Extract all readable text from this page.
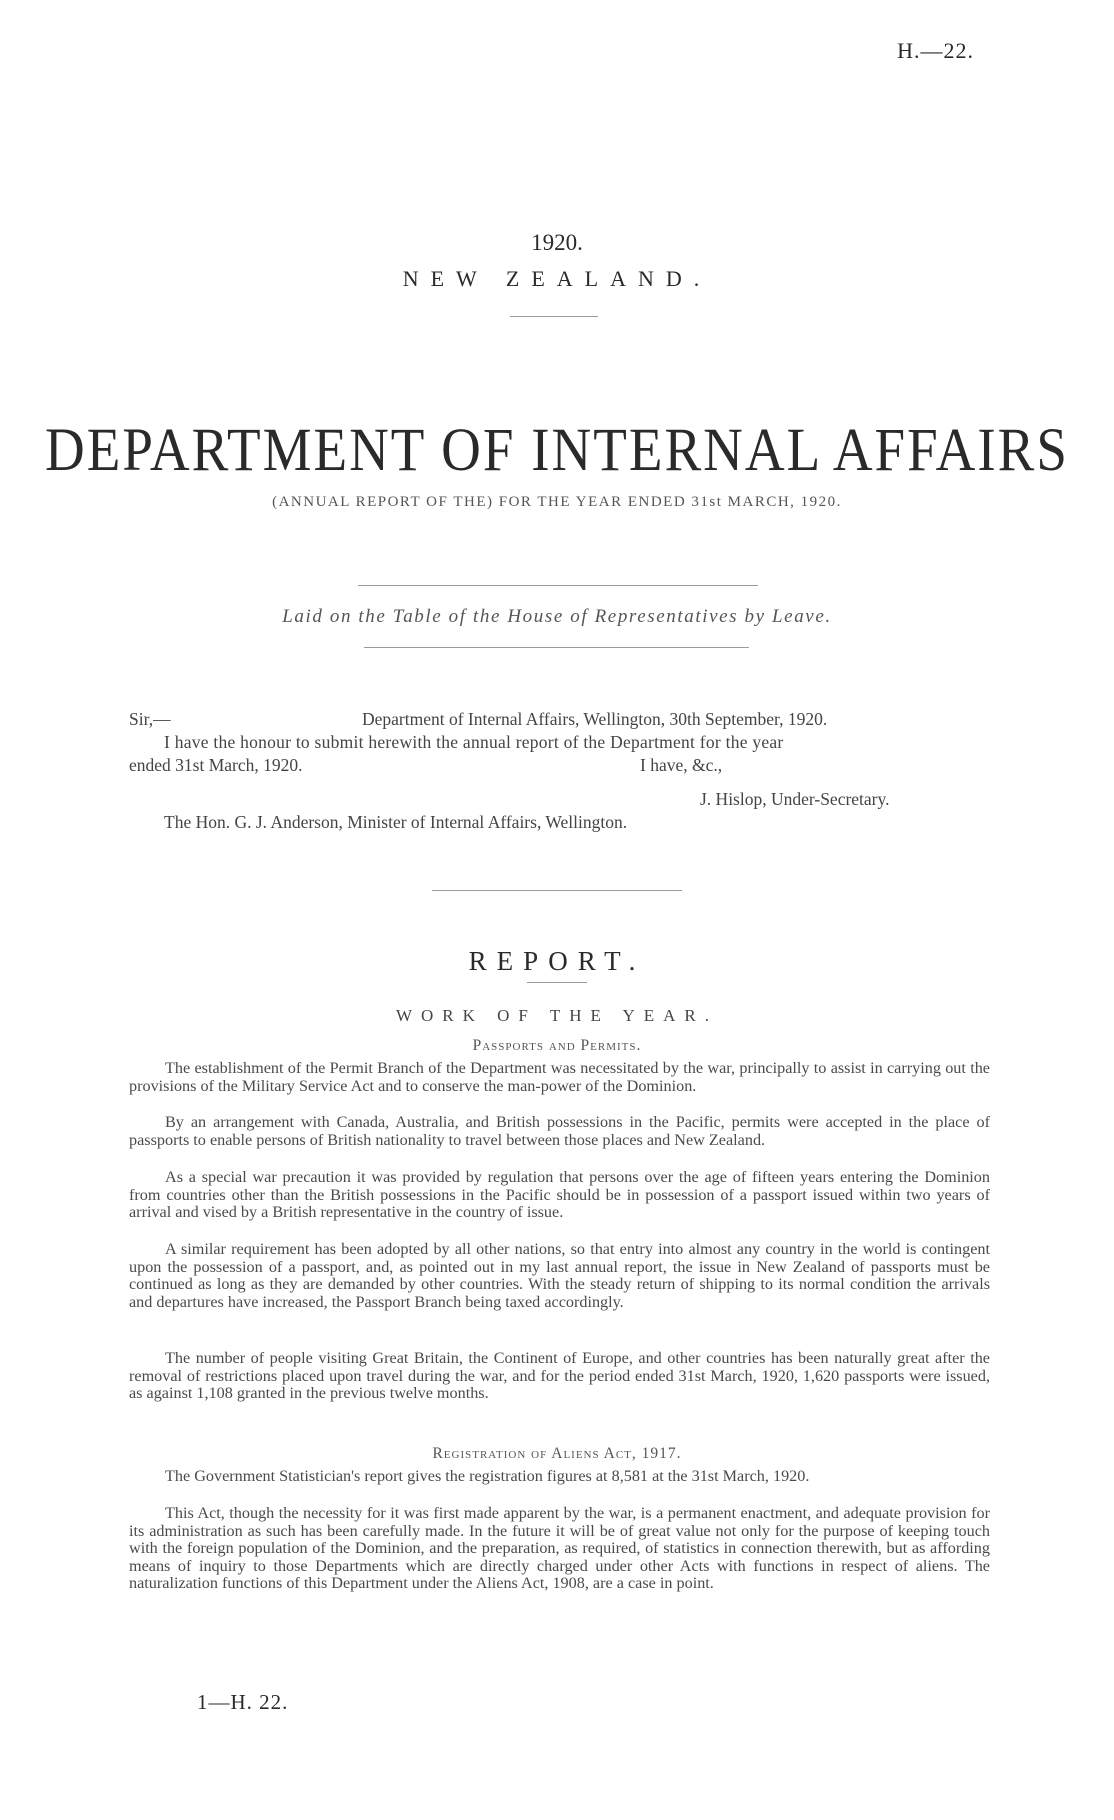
H.—22.
1920.
NEW ZEALAND.
DEPARTMENT OF INTERNAL AFFAIRS
(ANNUAL REPORT OF THE) FOR THE YEAR ENDED 31st MARCH, 1920.
Laid on the Table of the House of Representatives by Leave.
Sir,—	Department of Internal Affairs, Wellington, 30th September, 1920.
I have the honour to submit herewith the annual report of the Department for the year
ended 31st March, 1920.	I have, &c.,
J. Hislop, Under-Secretary.
The Hon. G. J. Anderson, Minister of Internal Affairs, Wellington.
REPORT.
WORK OF THE YEAR.
Passports and Permits.
The establishment of the Permit Branch of the Department was necessitated by the war, principally to assist in carrying out the provisions of the Military Service Act and to conserve the man-power of the Dominion.
By an arrangement with Canada, Australia, and British possessions in the Pacific, permits were accepted in the place of passports to enable persons of British nationality to travel between those places and New Zealand.
As a special war precaution it was provided by regulation that persons over the age of fifteen years entering the Dominion from countries other than the British possessions in the Pacific should be in possession of a passport issued within two years of arrival and vised by a British representative in the country of issue.
A similar requirement has been adopted by all other nations, so that entry into almost any country in the world is contingent upon the possession of a passport, and, as pointed out in my last annual report, the issue in New Zealand of passports must be continued as long as they are demanded by other countries. With the steady return of shipping to its normal condition the arrivals and departures have increased, the Passport Branch being taxed accordingly.
The number of people visiting Great Britain, the Continent of Europe, and other countries has been naturally great after the removal of restrictions placed upon travel during the war, and for the period ended 31st March, 1920, 1,620 passports were issued, as against 1,108 granted in the previous twelve months.
Registration of Aliens Act, 1917.
The Government Statistician's report gives the registration figures at 8,581 at the 31st March, 1920.
This Act, though the necessity for it was first made apparent by the war, is a permanent enactment, and adequate provision for its administration as such has been carefully made. In the future it will be of great value not only for the purpose of keeping touch with the foreign population of the Dominion, and the preparation, as required, of statistics in connection therewith, but as affording means of inquiry to those Departments which are directly charged under other Acts with functions in respect of aliens. The naturalization functions of this Department under the Aliens Act, 1908, are a case in point.
1—H. 22.
